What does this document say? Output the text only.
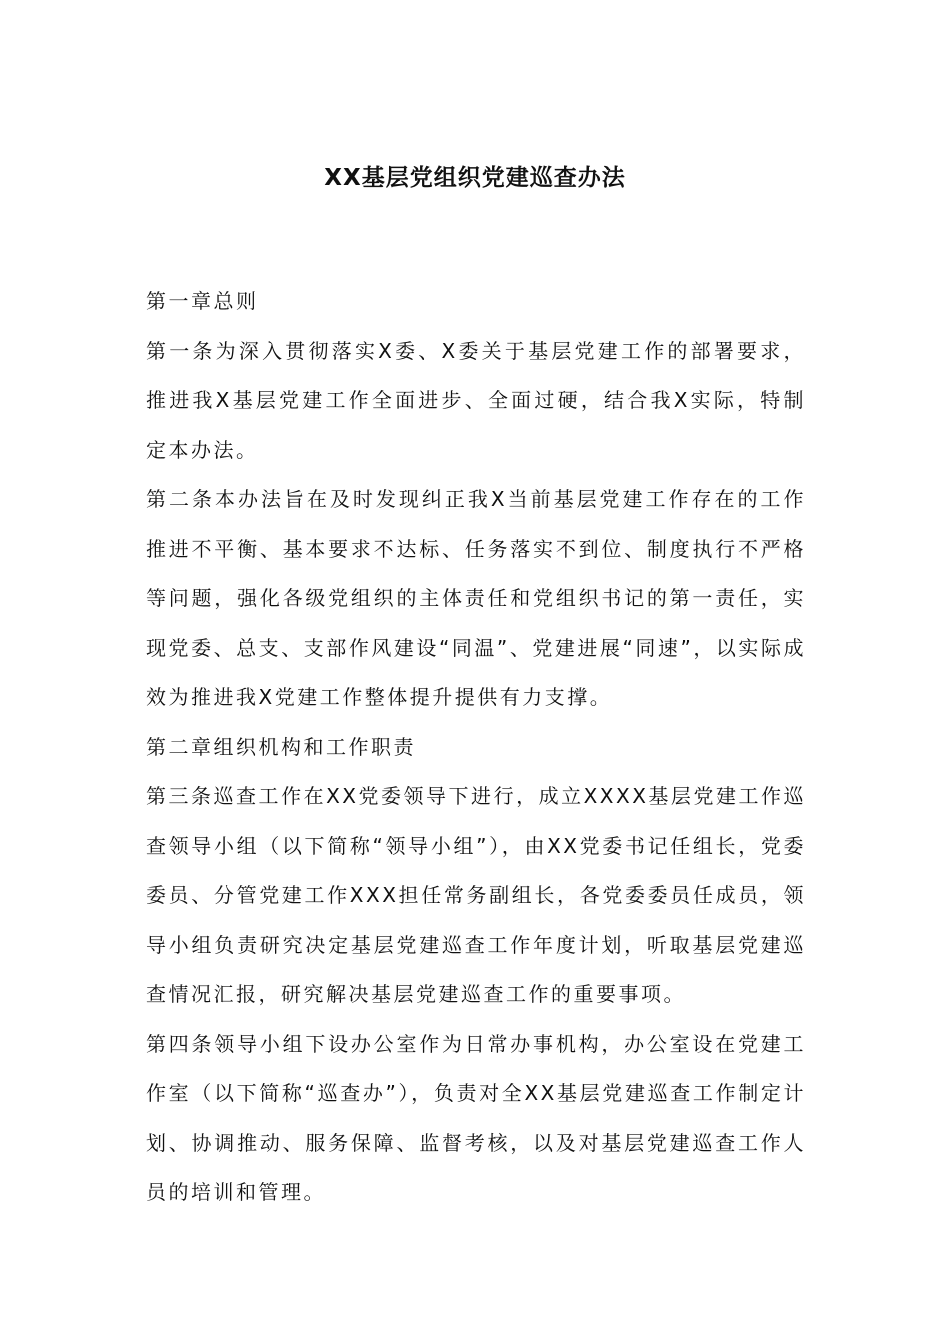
XX基层党组织党建巡查办法

第一章总则

第一条为深入贯彻落实X委、X委关于基层党建工作的部署要求，推进我X基层党建工作全面进步、全面过硬，结合我X实际，特制定本办法。

第二条本办法旨在及时发现纠正我X当前基层党建工作存在的工作推进不平衡、基本要求不达标、任务落实不到位、制度执行不严格等问题，强化各级党组织的主体责任和党组织书记的第一责任，实现党委、总支、支部作风建设“同温”、党建进展“同速”，以实际成效为推进我X党建工作整体提升提供有力支撑。

第二章组织机构和工作职责

第三条巡查工作在XX党委领导下进行，成立XXXX基层党建工作巡查领导小组（以下简称“领导小组”），由XX党委书记任组长，党委委员、分管党建工作XXX担任常务副组长，各党委委员任成员，领导小组负责研究决定基层党建巡查工作年度计划，听取基层党建巡查情况汇报，研究解决基层党建巡查工作的重要事项。

第四条领导小组下设办公室作为日常办事机构，办公室设在党建工作室（以下简称“巡查办”），负责对全XX基层党建巡查工作制定计划、协调推动、服务保障、监督考核，以及对基层党建巡查工作人员的培训和管理。
